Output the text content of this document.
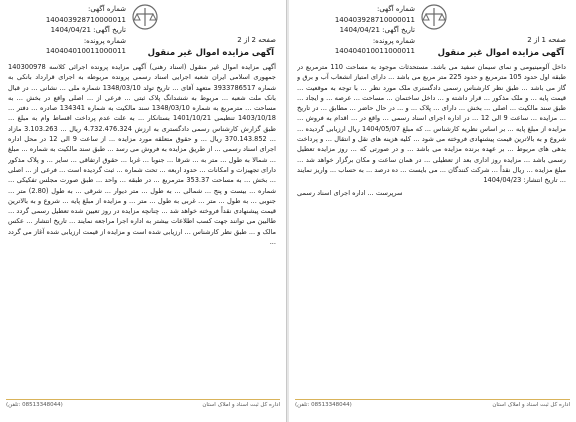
شماره آگهی: 140403928710000011
تاریخ آگهی: 1404/04/21
شماره پرونده: 140404010011000011
صفحه 2 از 2
آگهی مزایده اموال غیر منقول
آگهی مزایده اموال غیر منقول (اسناد رهنی) آگهی مزایده پرونده اجرائی کلاسه 140300978 جمهوری اسلامی ایران شعبه اجرایی اسناد رسمی پرونده مربوطه به اجرای قرارداد بانکی به شماره 3933786517 متعهد آقای ... تاریخ تولد 1348/03/10 شماره ملی ... نشانی ... در قبال بانک ملت شعبه ... مربوط به ششدانگ پلاک ثبتی ... فرعی از ... اصلی واقع در بخش ... به مساحت ... مترمربع به شماره 1348/03/10 سند مالکیت به شماره 134341 صادره ... دفتر ... 1403/10/18 تنظیمی 1401/10/21 بستانکار ... به علت عدم پرداخت اقساط وام به مبلغ ... طبق گزارش کارشناس رسمی دادگستری به ارزش 4.732.476.324 ریال ... 3.103.263 مازاد ... 370.143.852 ریال ... و حقوق متعلقه مورد مزایده ... از ساعت 9 الی 12 در محل اداره اجرای اسناد رسمی ... از طریق مزایده به فروش می رسد ... طبق سند مالکیت به شماره ... مبلغ ... شمالا به طول ... متر به ... شرقا ... جنوبا ... غربا ... حقوق ارتفاقی ... سایر ... و پلاک مذکور دارای تجهیزات و امکانات ... حدود اربعه ... تحت شماره ... ثبت گردیده است ... فرعی از ... اصلی ... بخش ... به مساحت 353.37 مترمربع ... در طبقه ... واحد ... طبق صورت مجلس تفکیکی ... شماره ... بیست و پنج ... شمالی ... به طول ... متر دیوار ... شرقی ... به طول (2.80) متر ... جنوبی ... به طول ... متر ... غربی به طول ... متر ... و مزایده از مبلغ پایه ... شروع و به بالاترین قیمت پیشنهادی نقداً فروخته خواهد شد ... چنانچه مزایده در روز تعیین شده تعطیل رسمی گردد ... طالبین می توانند جهت کسب اطلاعات بیشتر به اداره اجرا مراجعه نمایند ... تاریخ انتشار ... عکس مالک و ... طبق نظر کارشناس ... ارزیابی شده است و مزایده از قیمت ارزیابی شده آغاز می گردد ...
اداره کل ثبت اسناد و املاک استان
(08513348044 :تلفن)
شماره آگهی: 140403928710000011
تاریخ آگهی: 1404/04/21
شماره پرونده: 140404010011000011
صفحه 1 از 2
آگهی مزایده اموال غیر منقول
داخل آلومینیومی و نمای سیمان سفید می باشد. مستحدثات موجود به مساحت 110 مترمربع در طبقه اول حدود 105 مترمربع و حدود 225 متر مربع می باشد ... دارای امتیاز انشعاب آب و برق و گاز می باشد ... طبق نظر کارشناس رسمی دادگستری ملک مورد نظر ... با توجه به موقعیت ... قیمت پایه ... و ملک مذکور ... قرار داشته و ... داخل ساختمان ... مساحت ... عرصه ... و ایجاد ... طبق سند مالکیت ... اصلی ... بخش ... دارای ... پلاک ... و ... در حال حاضر ... مطابق ... در تاریخ ... مزایده ... ساعت 9 الی 12 ... در اداره اجرای اسناد رسمی ... واقع در ... اقدام به فروش ... مزایده از مبلغ پایه ... بر اساس نظریه کارشناس ... که مبلغ 1404/05/07 ریال ارزیابی گردیده ... شروع و به بالاترین قیمت پیشنهادی فروخته می شود ... کلیه هزینه های نقل و انتقال ... و پرداخت بدهی های مربوط ... بر عهده برنده مزایده می باشد ... و در صورتی که ... روز مزایده تعطیل رسمی باشد ... مزایده روز اداری بعد از تعطیلی ... در همان ساعت و مکان برگزار خواهد شد ... مبلغ مزایده ... ریال نقداً ... شرکت کنندگان ... می بایست ... ده درصد ... به حساب ... واریز نمایند ... تاریخ انتشار: 1404/04/23
سرپرست ... اداره اجرای اسناد رسمی
اداره کل ثبت اسناد و املاک استان
(08513348044 :تلفن)
